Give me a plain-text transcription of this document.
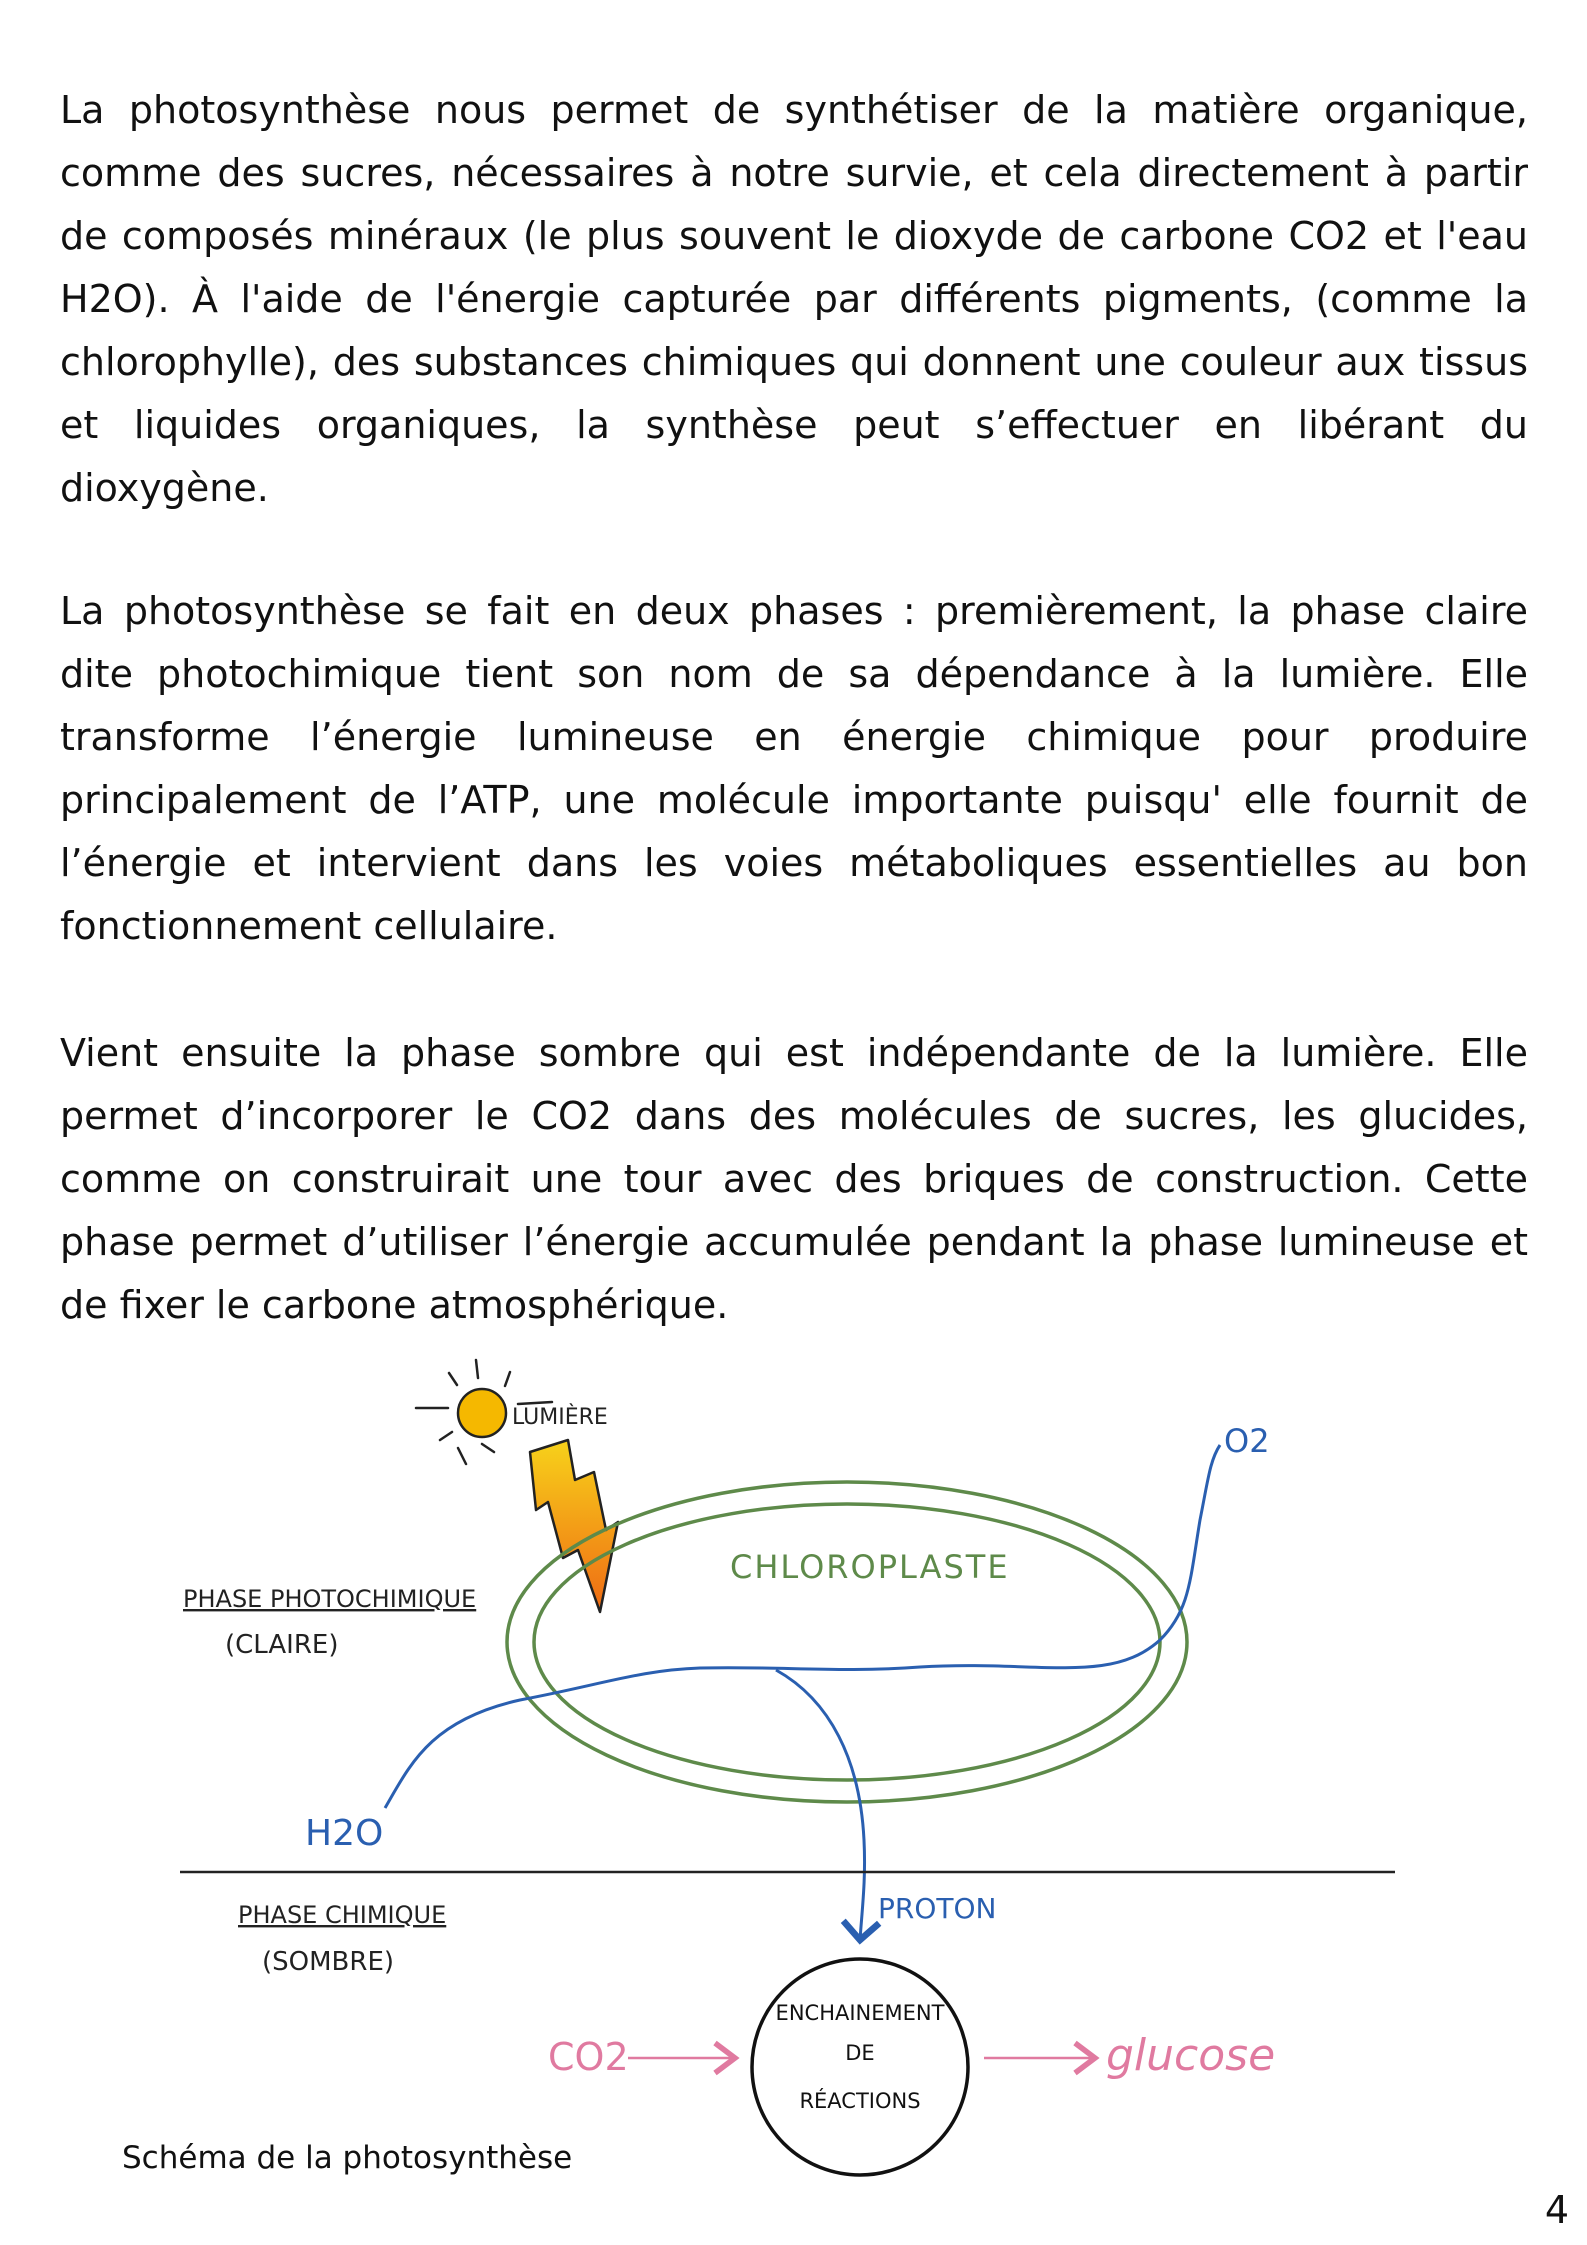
La photosynthèse nous permet de synthétiser de la matière organique, comme des sucres, nécessaires à notre survie, et cela directement à partir de composés minéraux (le plus souvent le dioxyde de carbone CO2 et l'eau H2O). À l'aide de l'énergie capturée par différents pigments, (comme la chlorophylle), des substances chimiques qui donnent une couleur aux tissus et liquides organiques, la synthèse peut s’effectuer en libérant du dioxygène.

La photosynthèse se fait en deux phases : premièrement, la phase claire dite photochimique tient son nom de sa dépendance à la lumière. Elle transforme l’énergie lumineuse en énergie chimique pour produire principalement de l’ATP, une molécule importante puisqu' elle fournit de l’énergie et intervient dans les voies métaboliques essentielles au bon fonctionnement cellulaire.

Vient ensuite la phase sombre qui est indépendante de la lumière. Elle permet d’incorporer le CO2 dans des molécules de sucres, les glucides, comme on construirait une tour avec des briques de construction. Cette phase permet d’utiliser l’énergie accumulée pendant la phase lumineuse et de fixer le carbone atmosphérique.

LUMIÈRE
CHLOROPLASTE
O2
H2O
PROTON
PHASE PHOTOCHIMIQUE
(CLAIRE)
PHASE CHIMIQUE
(SOMBRE)
ENCHAINEMENT
DE
RÉACTIONS
CO2	glucose
Schéma de la photosynthèse
4
